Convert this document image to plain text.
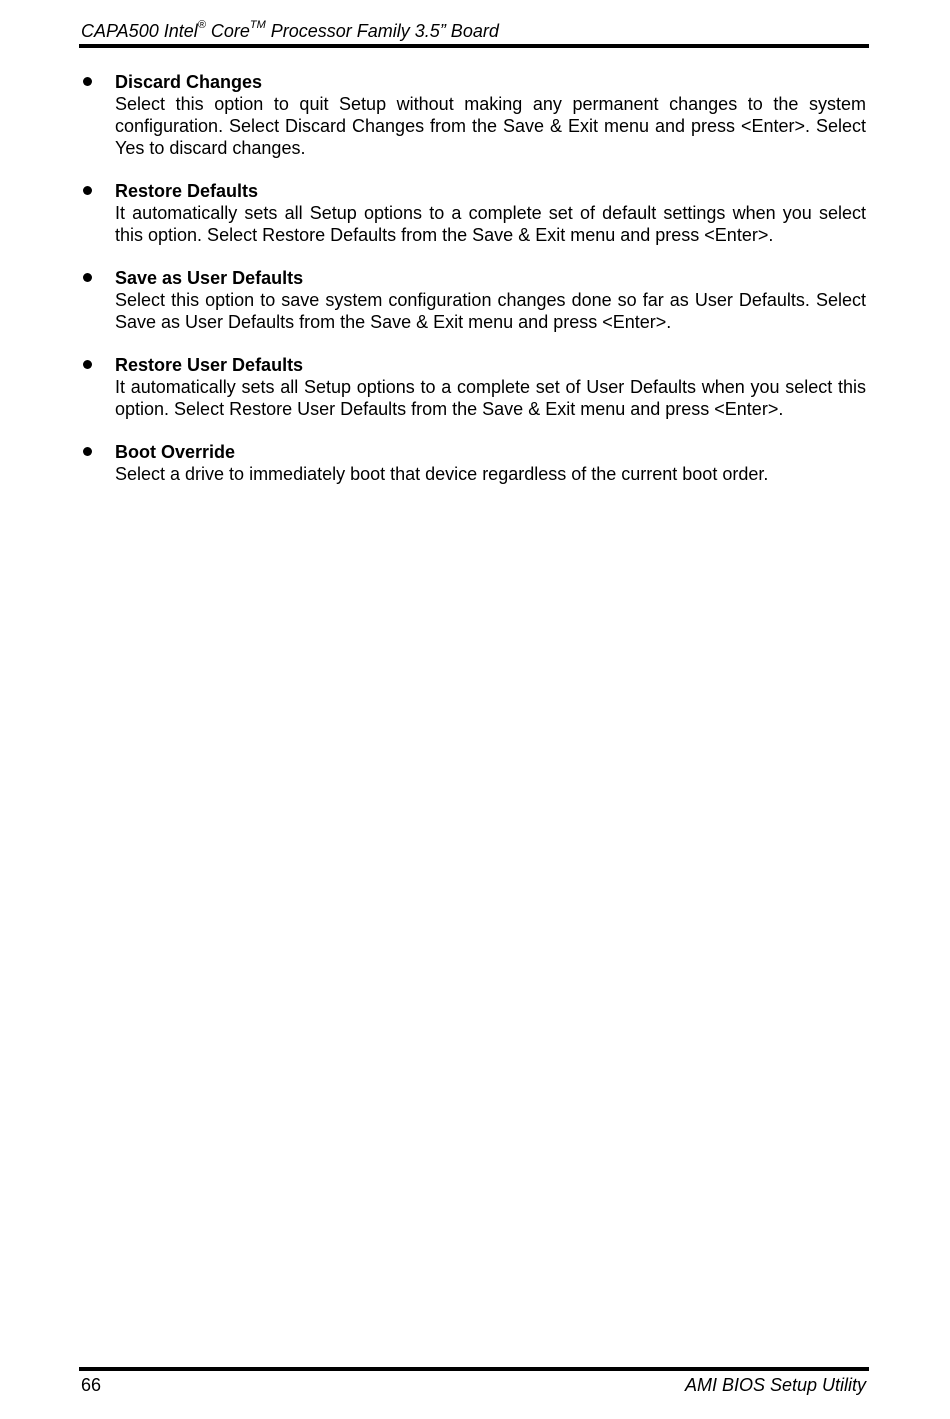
CAPA500 Intel® Core™ Processor Family 3.5” Board
Discard Changes
Select this option to quit Setup without making any permanent changes to the system configuration. Select Discard Changes from the Save & Exit menu and press <Enter>. Select Yes to discard changes.
Restore Defaults
It automatically sets all Setup options to a complete set of default settings when you select this option. Select Restore Defaults from the Save & Exit menu and press <Enter>.
Save as User Defaults
Select this option to save system configuration changes done so far as User Defaults. Select Save as User Defaults from the Save & Exit menu and press <Enter>.
Restore User Defaults
It automatically sets all Setup options to a complete set of User Defaults when you select this option. Select Restore User Defaults from the Save & Exit menu and press <Enter>.
Boot Override
Select a drive to immediately boot that device regardless of the current boot order.
66	AMI BIOS Setup Utility
